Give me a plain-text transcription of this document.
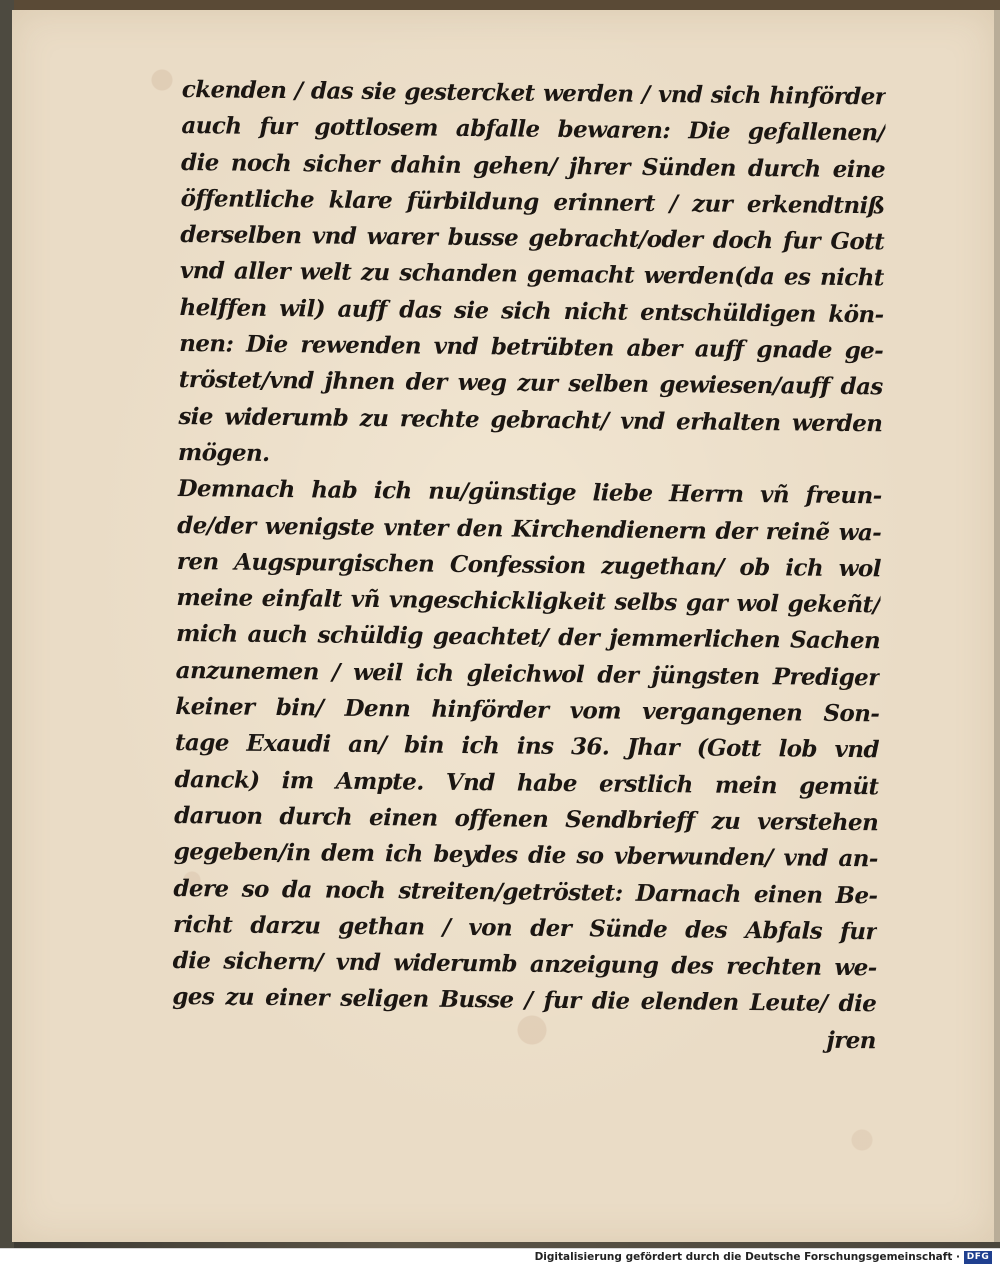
ckenden / das sie gestercket werden / vnd sich hinförder
auch fur gottlosem abfalle bewaren: Die gefallenen/
die noch sicher dahin gehen/ jhrer Sünden durch eine
öffentliche klare fürbildung erinnert / zur erkendtniß
derselben vnd warer busse gebracht/oder doch fur Gott
vnd aller welt zu schanden gemacht werden(da es nicht
helffen wil) auff das sie sich nicht entschüldigen kön-
nen: Die rewenden vnd betrübten aber auff gnade ge-
tröstet/vnd jhnen der weg zur selben gewiesen/auff das
sie widerumb zu rechte gebracht/ vnd erhalten werden
mögen.
Demnach hab ich nu/günstige liebe Herrn vñ freun-
de/der wenigste vnter den Kirchendienern der reinẽ wa-
ren Augspurgischen Confession zugethan/ ob ich wol
meine einfalt vñ vngeschickligkeit selbs gar wol gekeñt/
mich auch schüldig geachtet/ der jemmerlichen Sachen
anzunemen / weil ich gleichwol der jüngsten Prediger
keiner bin/ Denn hinförder vom vergangenen Son-
tage Exaudi an/ bin ich ins 36. Jhar (Gott lob vnd
danck) im Ampte. Vnd habe erstlich mein gemüt
daruon durch einen offenen Sendbrieff zu verstehen
gegeben/in dem ich beydes die so vberwunden/ vnd an-
dere so da noch streiten/getröstet: Darnach einen Be-
richt darzu gethan / von der Sünde des Abfals fur
die sichern/ vnd widerumb anzeigung des rechten we-
ges zu einer seligen Busse / fur die elenden Leute/ die
jren
Digitalisierung gefördert durch die Deutsche Forschungsgemeinschaft · DFG
